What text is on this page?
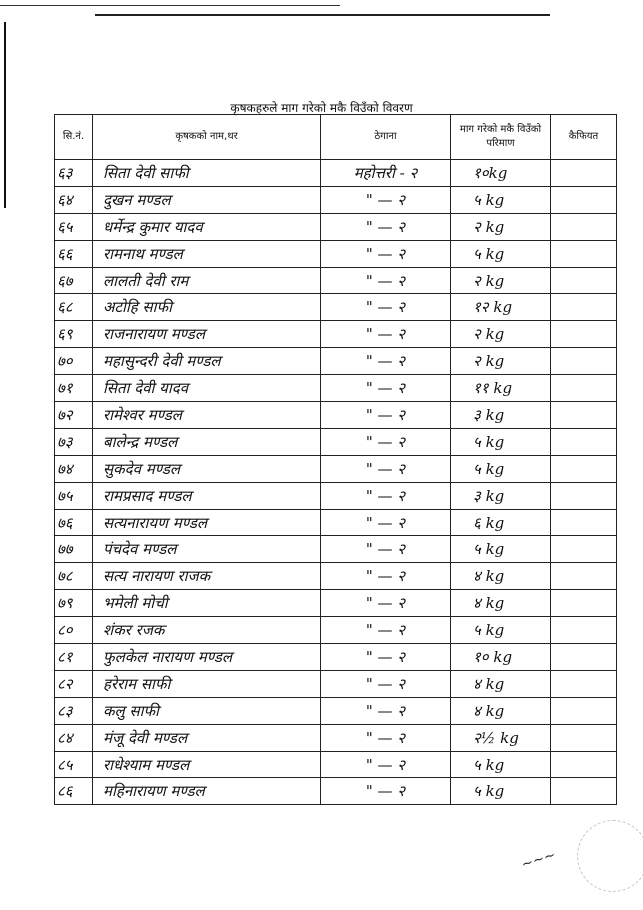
कृषकहरुले माग गरेको मकै विउँको विवरण
सि.नं.	कृषकको नाम,थर	ठेगाना	माग गरेको मकै विउँको परिमाण	कैफियत
६३	सिता देवी साफी	महोत्तरी - २	१०kg	
६४	दुखन मण्डल	" — २	५ kg	
६५	धर्मेन्द्र कुमार यादव	" — २	२ kg	
६६	रामनाथ मण्डल	" — २	५ kg	
६७	लालती देवी राम	" — २	२ kg	
६८	अटोहि साफी	" — २	१२ kg	
६९	राजनारायण मण्डल	" — २	२ kg	
७०	महासुन्दरी देवी मण्डल	" — २	२ kg	
७१	सिता देवी यादव	" — २	११ kg	
७२	रामेश्वर मण्डल	" — २	३ kg	
७३	बालेन्द्र मण्डल	" — २	५ kg	
७४	सुकदेव मण्डल	" — २	५ kg	
७५	रामप्रसाद मण्डल	" — २	३ kg	
७६	सत्यनारायण मण्डल	" — २	६ kg	
७७	पंचदेव मण्डल	" — २	५ kg	
७८	सत्य नारायण राजक	" — २	४ kg	
७९	भमेली मोची	" — २	४ kg	
८०	शंकर रजक	" — २	५ kg	
८१	फुलकेल नारायण मण्डल	" — २	१० kg	
८२	हरेराम साफी	" — २	४ kg	
८३	कलु साफी	" — २	४ kg	
८४	मंजू देवी मण्डल	" — २	२½ kg	
८५	राधेश्याम मण्डल	" — २	५ kg	
८६	महिनारायण मण्डल	" — २	५ kg	
~~~
